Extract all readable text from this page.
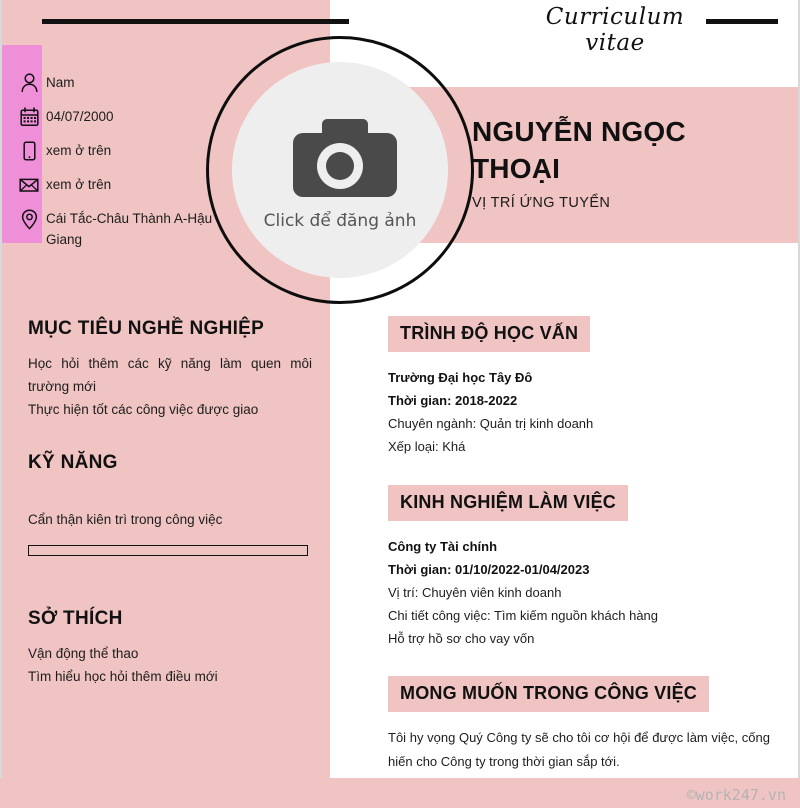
Curriculum vitae
Nam
04/07/2000
xem ở trên
xem ở trên
Cái Tắc-Châu Thành A-Hậu Giang
NGUYỄN NGỌC
THOẠI
VỊ TRÍ ỨNG TUYỂN
Click để đăng ảnh
MỤC TIÊU NGHỀ NGHIỆP
Học hỏi thêm các kỹ năng làm quen môi trường mới
Thực hiện tốt các công việc được giao
KỸ NĂNG
Cẩn thận kiên trì trong công việc
SỞ THÍCH
Vận động thể thao
Tìm hiểu học hỏi thêm điều mới
TRÌNH ĐỘ HỌC VẤN
Trường Đại học Tây Đô
Thời gian: 2018-2022
Chuyên ngành: Quản trị kinh doanh
Xếp loại: Khá
KINH NGHIỆM LÀM VIỆC
Công ty Tài chính
Thời gian: 01/10/2022-01/04/2023
Vị trí: Chuyên viên kinh doanh
Chi tiết công việc: Tìm kiếm nguồn khách hàng
Hỗ trợ hồ sơ cho vay vốn
MONG MUỐN TRONG CÔNG VIỆC
Tôi hy vọng Quý Công ty sẽ cho tôi cơ hội để được làm việc, cống hiến cho Công ty trong thời gian sắp tới.
©work247.vn
